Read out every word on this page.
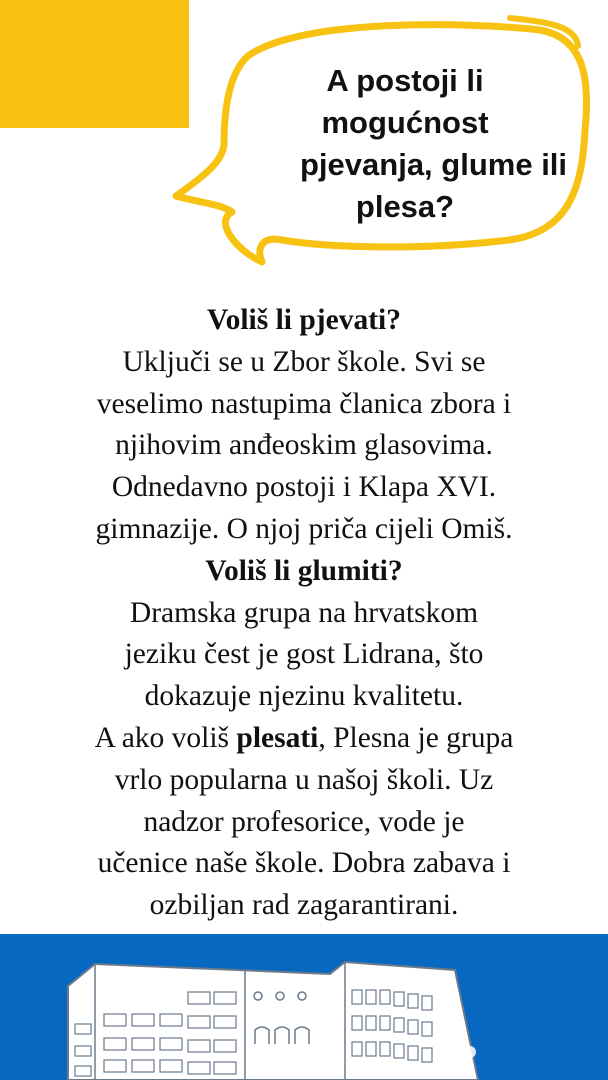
A postoji li
mogućnost
pjevanja, glume ili
plesa?
Voliš li pjevati?
Uključi se u Zbor škole. Svi se
veselimo nastupima članica zbora i
njihovim anđeoskim glasovima.
Odnedavno postoji i Klapa XVI.
gimnazije. O njoj priča cijeli Omiš.
Voliš li glumiti?
Dramska grupa na hrvatskom
jeziku čest je gost Lidrana, što
dokazuje njezinu kvalitetu.
A ako voliš plesati, Plesna je grupa
vrlo popularna u našoj školi. Uz
nadzor profesorice, vode je
učenice naše škole. Dobra zabava i
ozbiljan rad zagarantirani.
